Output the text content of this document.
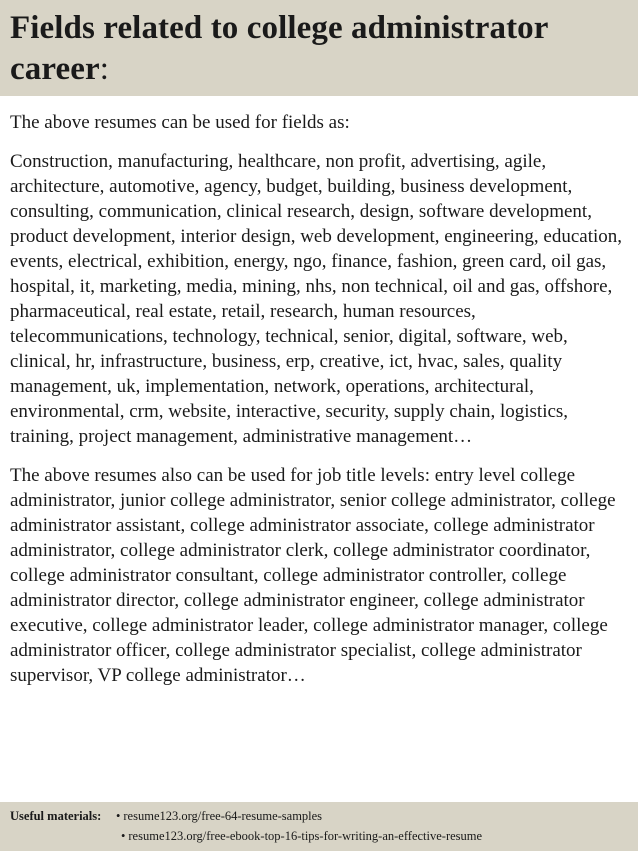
Fields related to college administrator career:

The above resumes can be used for fields as:

Construction, manufacturing, healthcare, non profit, advertising, agile, architecture, automotive, agency, budget, building, business development, consulting, communication, clinical research, design, software development, product development, interior design, web development, engineering, education, events, electrical, exhibition, energy, ngo, finance, fashion, green card, oil gas, hospital, it, marketing, media, mining, nhs, non technical, oil and gas, offshore, pharmaceutical, real estate, retail, research, human resources, telecommunications, technology, technical, senior, digital, software, web, clinical, hr, infrastructure, business, erp, creative, ict, hvac, sales, quality management, uk, implementation, network, operations, architectural, environmental, crm, website, interactive, security, supply chain, logistics, training, project management, administrative management…

The above resumes also can be used for job title levels: entry level college administrator, junior college administrator, senior college administrator, college administrator assistant, college administrator associate, college administrator administrator, college administrator clerk, college administrator coordinator, college administrator consultant, college administrator controller, college administrator director, college administrator engineer, college administrator executive, college administrator leader, college administrator manager, college administrator officer, college administrator specialist, college administrator supervisor, VP college administrator…

Useful materials:	• resume123.org/free-64-resume-samples
• resume123.org/free-ebook-top-16-tips-for-writing-an-effective-resume
